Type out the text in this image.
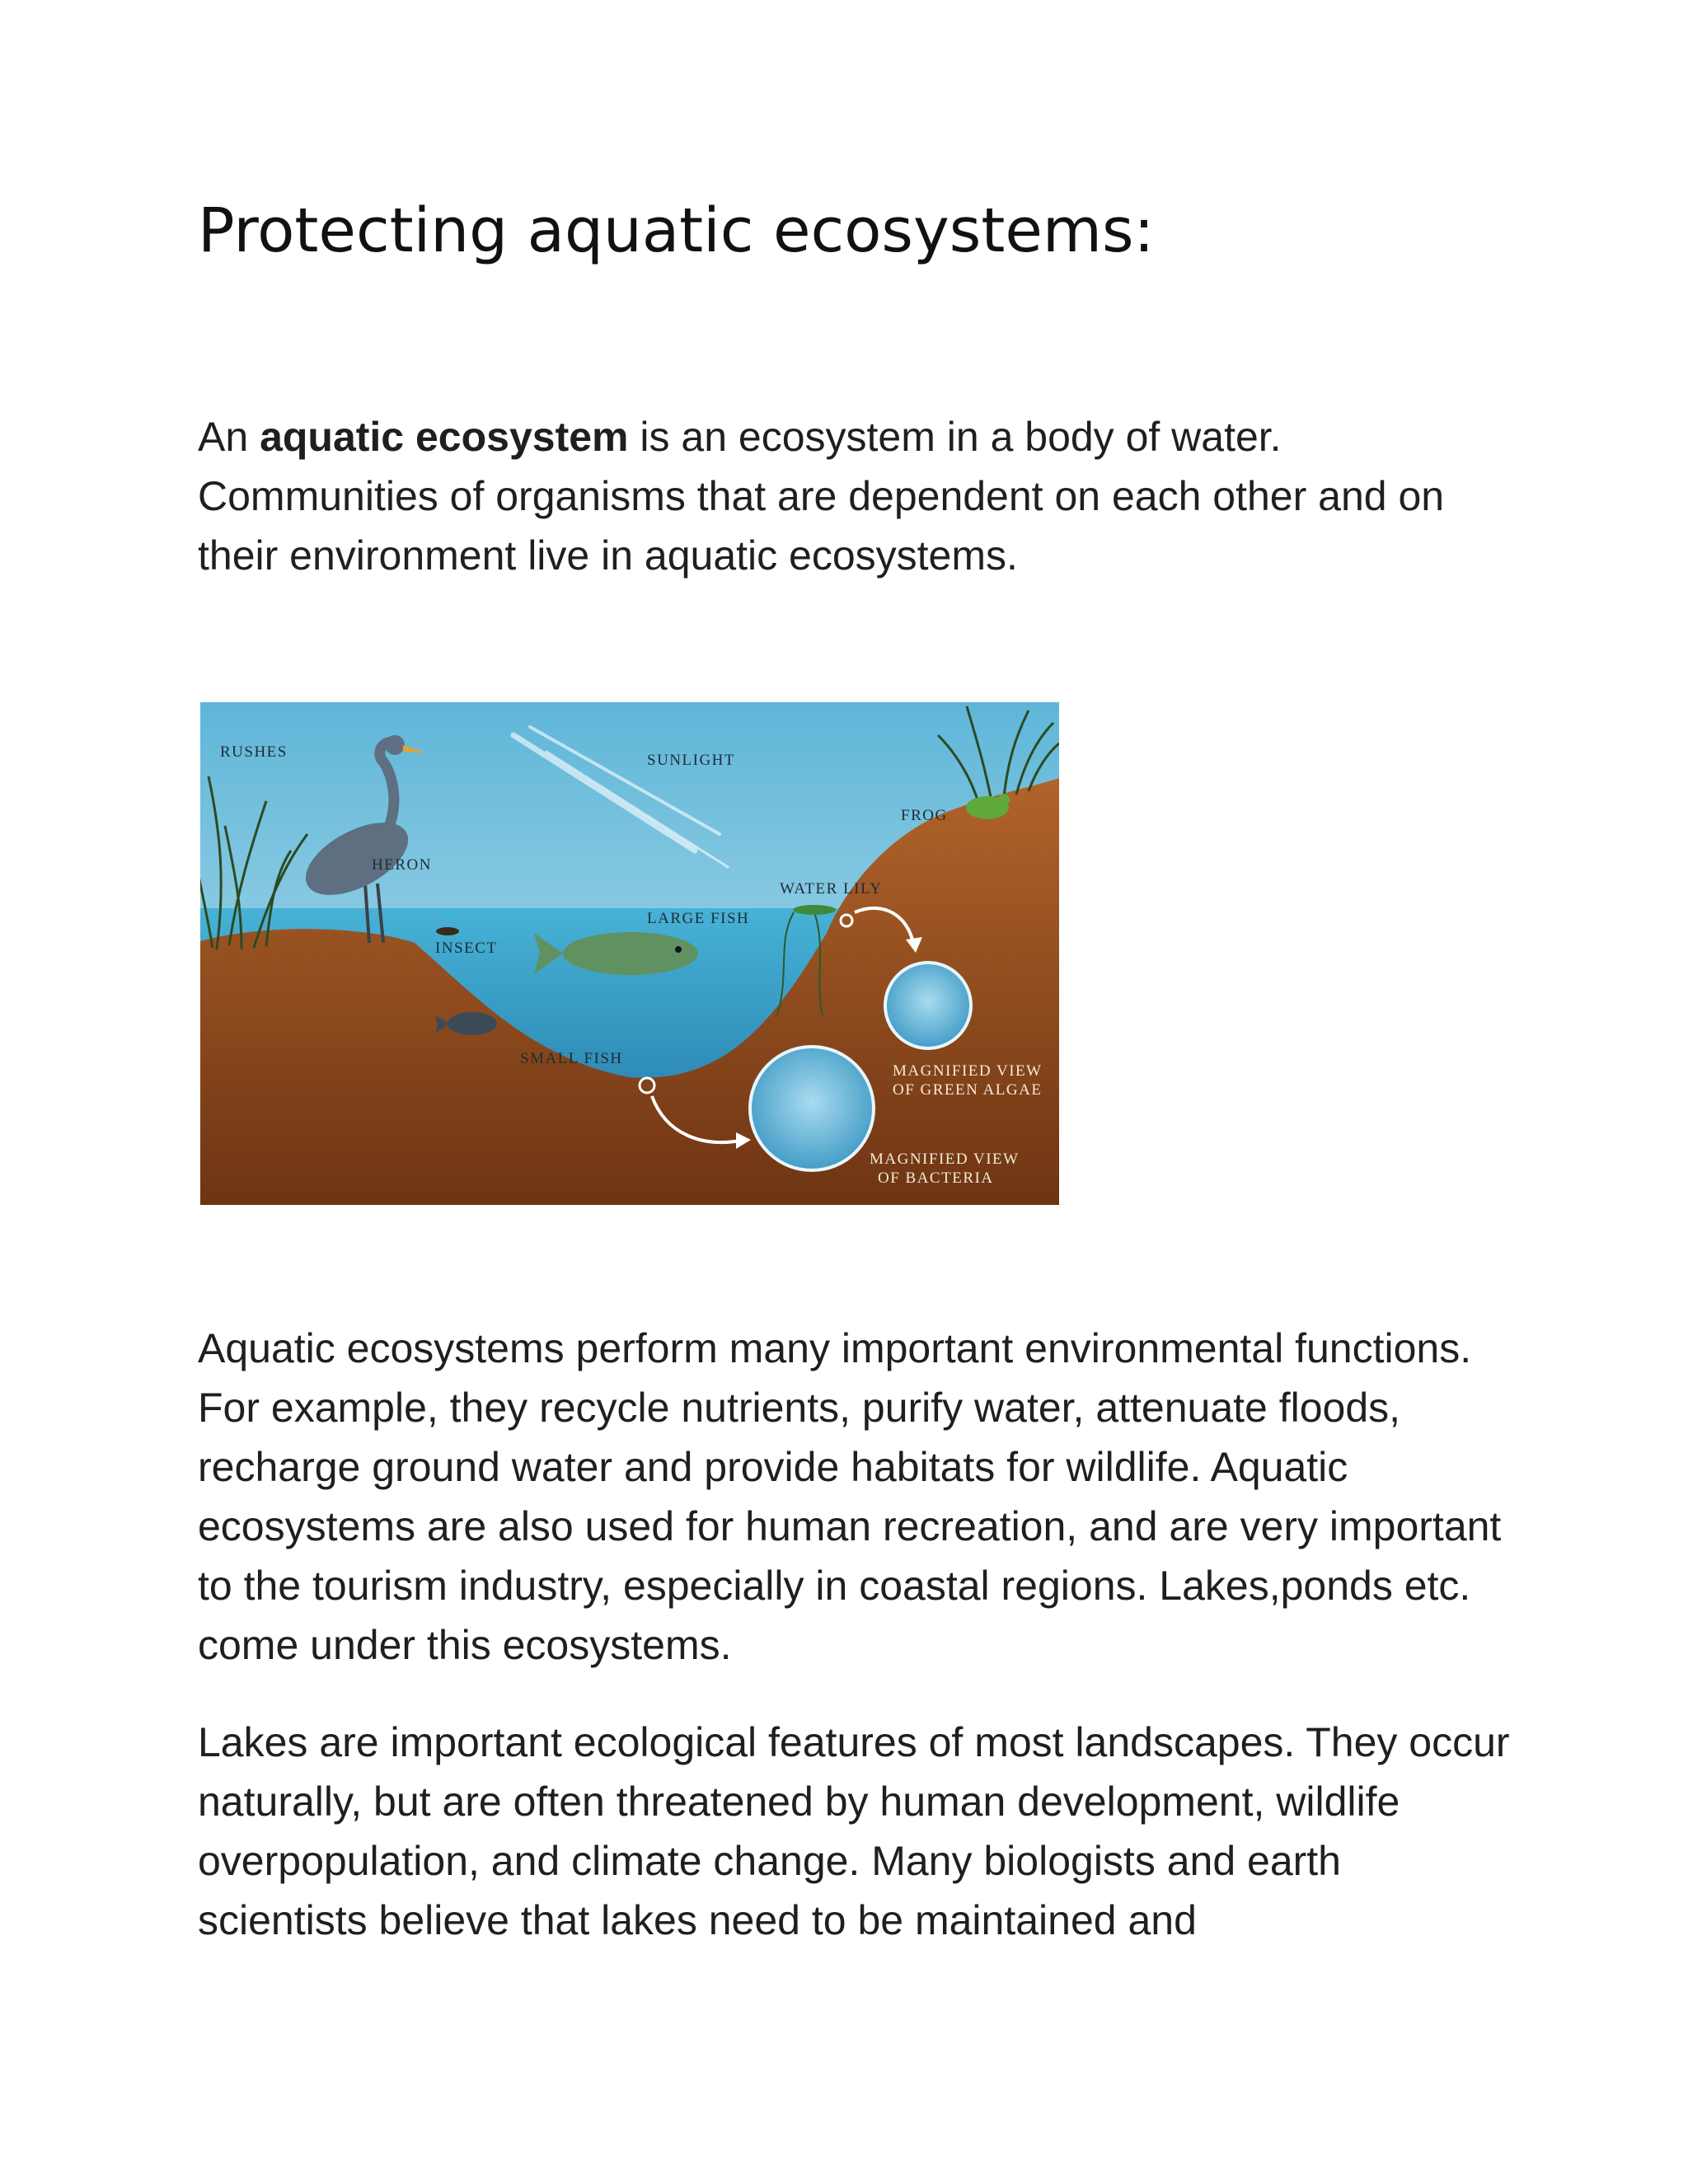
Protecting aquatic ecosystems:

An aquatic ecosystem is an ecosystem in a body of water. Communities of organisms that are dependent on each other and on their environment live in aquatic ecosystems.

RUSHES	SUNLIGHT
FROG
HERON
WATER LILY
LARGE FISH
INSECT
SMALL FISH
MAGNIFIED VIEW
OF GREEN ALGAE
MAGNIFIED VIEW
OF BACTERIA

Aquatic ecosystems perform many important environmental functions. For example, they recycle nutrients, purify water, attenuate floods, recharge ground water and provide habitats for wildlife. Aquatic ecosystems are also used for human recreation, and are very important to the tourism industry, especially in coastal regions. Lakes,ponds etc. come under this ecosystems.

Lakes are important ecological features of most landscapes. They occur naturally, but are often threatened by human development, wildlife overpopulation, and climate change. Many biologists and earth scientists believe that lakes need to be maintained and
